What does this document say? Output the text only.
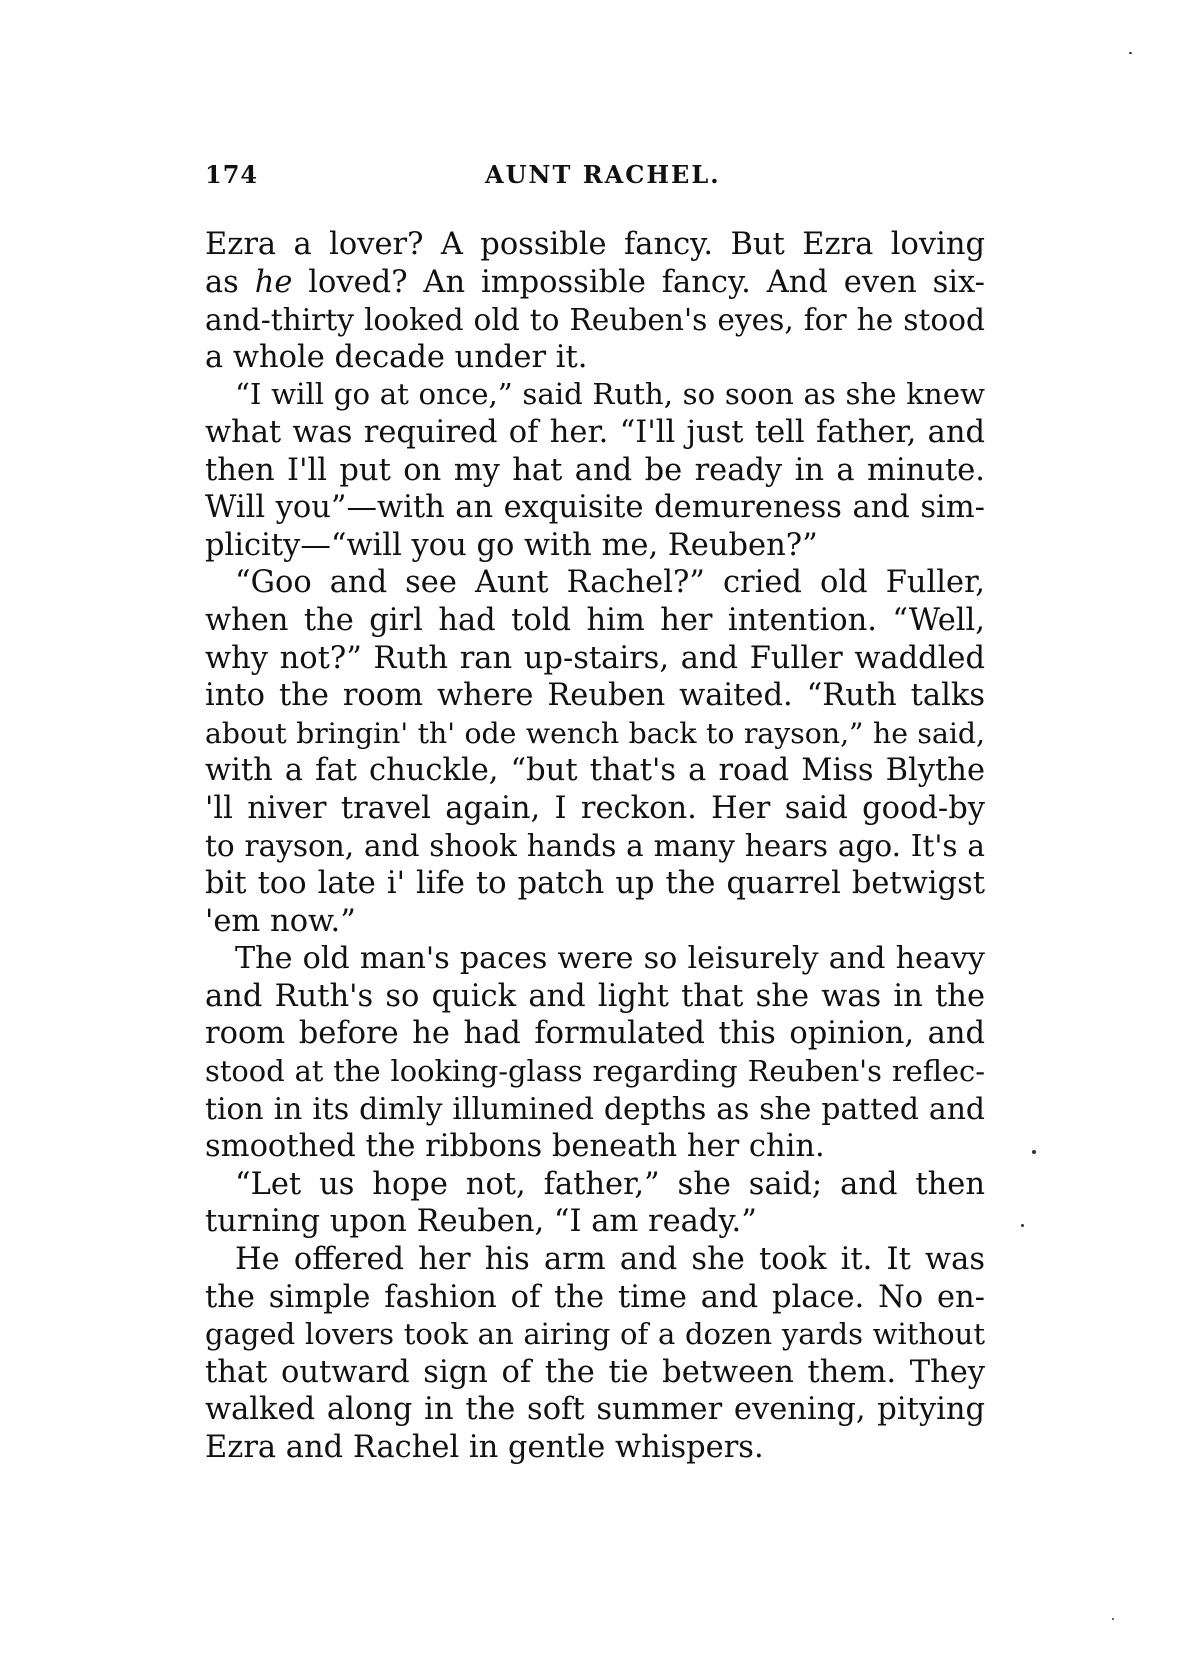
174	AUNT RACHEL.
Ezra a lover? A possible fancy. But Ezra loving
as he loved? An impossible fancy. And even six-
and-thirty looked old to Reuben's eyes, for he stood
a whole decade under it.
“I will go at once,” said Ruth, so soon as she knew
what was required of her. “I'll just tell father, and
then I'll put on my hat and be ready in a minute.
Will you”—with an exquisite demureness and sim-
plicity—“will you go with me, Reuben?”
“Goo and see Aunt Rachel?” cried old Fuller,
when the girl had told him her intention. “Well,
why not?” Ruth ran up-stairs, and Fuller waddled
into the room where Reuben waited. “Ruth talks
about bringin' th' ode wench back to rayson,” he said,
with a fat chuckle, “but that's a road Miss Blythe
'll niver travel again, I reckon. Her said good-by
to rayson, and shook hands a many hears ago. It's a
bit too late i' life to patch up the quarrel betwigst
'em now.”
The old man's paces were so leisurely and heavy
and Ruth's so quick and light that she was in the
room before he had formulated this opinion, and
stood at the looking-glass regarding Reuben's reflec-
tion in its dimly illumined depths as she patted and
smoothed the ribbons beneath her chin.
“Let us hope not, father,” she said; and then
turning upon Reuben, “I am ready.”
He offered her his arm and she took it. It was
the simple fashion of the time and place. No en-
gaged lovers took an airing of a dozen yards without
that outward sign of the tie between them. They
walked along in the soft summer evening, pitying
Ezra and Rachel in gentle whispers.
